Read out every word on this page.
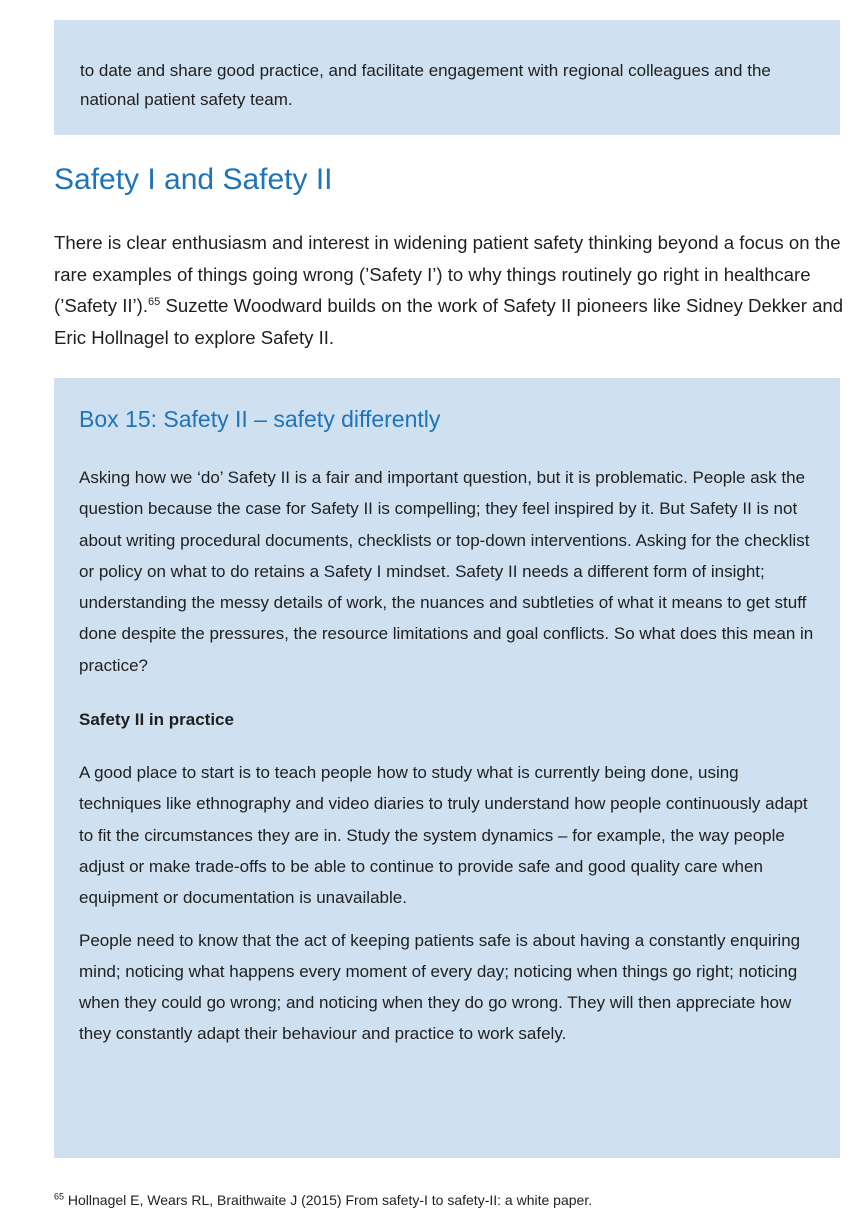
to date and share good practice, and facilitate engagement with regional colleagues and the national patient safety team.

Safety I and Safety II

There is clear enthusiasm and interest in widening patient safety thinking beyond a focus on the rare examples of things going wrong (’Safety I’) to why things routinely go right in healthcare (’Safety II’).$^{65}$ Suzette Woodward builds on the work of Safety II pioneers like Sidney Dekker and Eric Hollnagel to explore Safety II.

Box 15: Safety II – safety differently

Asking how we ‘do’ Safety II is a fair and important question, but it is problematic. People ask the question because the case for Safety II is compelling; they feel inspired by it. But Safety II is not about writing procedural documents, checklists or top-down interventions. Asking for the checklist or policy on what to do retains a Safety I mindset. Safety II needs a different form of insight; understanding the messy details of work, the nuances and subtleties of what it means to get stuff done despite the pressures, the resource limitations and goal conflicts. So what does this mean in practice?

Safety II in practice

A good place to start is to teach people how to study what is currently being done, using techniques like ethnography and video diaries to truly understand how people continuously adapt to fit the circumstances they are in. Study the system dynamics – for example, the way people adjust or make trade-offs to be able to continue to provide safe and good quality care when equipment or documentation is unavailable.

People need to know that the act of keeping patients safe is about having a constantly enquiring mind; noticing what happens every moment of every day; noticing when things go right; noticing when they could go wrong; and noticing when they do go wrong. They will then appreciate how they constantly adapt their behaviour and practice to work safely.

$^{65}$ Hollnagel E, Wears RL, Braithwaite J (2015) From safety-I to safety-II: a white paper.
